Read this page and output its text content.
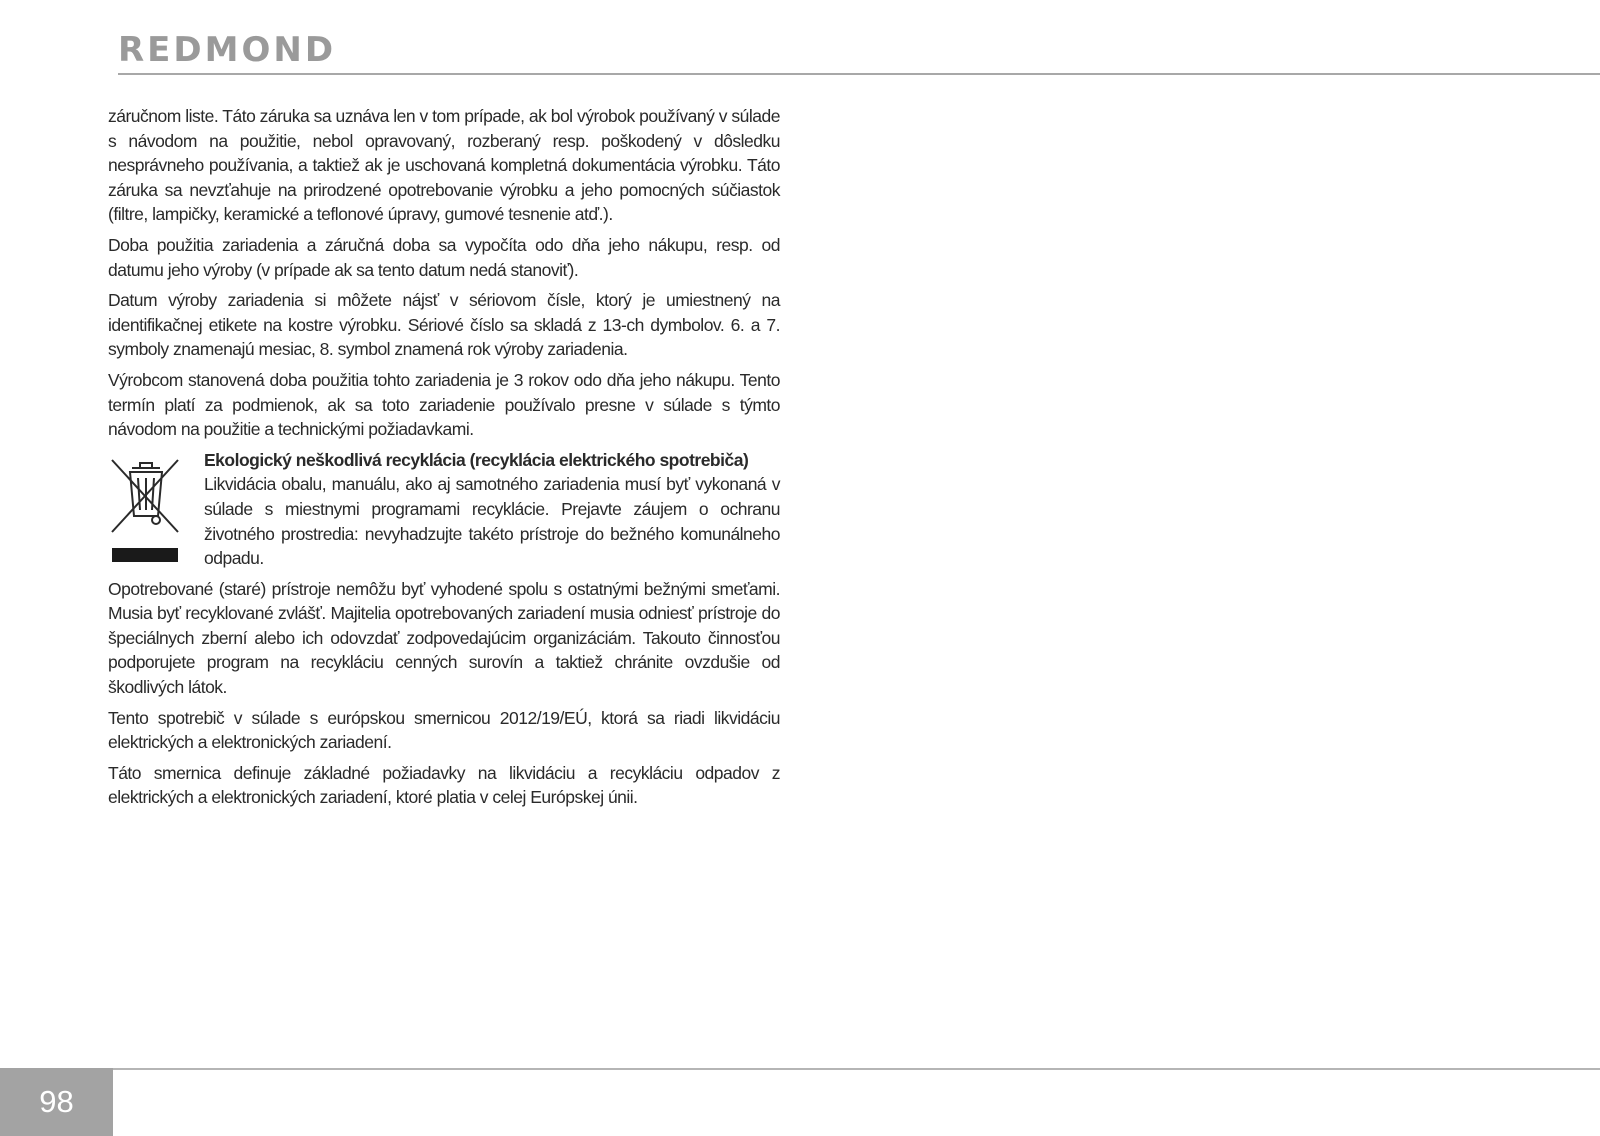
REDMOND

záručnom liste. Táto záruka sa uznáva len v tom prípade, ak bol výrobok používaný v súlade s návodom na použitie, nebol opravovaný, rozberaný resp. poškodený v dôsledku nesprávneho používania, a taktiež ak je uschovaná kompletná dokumentácia výrobku. Táto záruka sa nevzťahuje na prirodzené opotrebovanie výrobku a jeho pomocných súčiastok (filtre, lampičky, keramické a teflonové úpravy, gumové tesnenie atď.).

Doba použitia zariadenia a záručná doba sa vypočíta odo dňa jeho nákupu, resp. od datumu jeho výroby (v prípade ak sa tento datum nedá stanoviť).

Datum výroby zariadenia si môžete nájsť v sériovom čísle, ktorý je umiestnený na identifikačnej etikete na kostre výrobku. Sériové číslo sa skladá z 13-ch dymbolov. 6. a 7. symboly znamenajú mesiac, 8. symbol znamená rok výroby zariadenia.

Výrobcom stanovená doba použitia tohto zariadenia je 3 rokov odo dňa jeho nákupu. Tento termín platí za podmienok, ak sa toto zariadenie používalo presne v súlade s týmto návodom na použitie a technickými požiadavkami.

Ekologický neškodlivá recyklácia (recyklácia elektrického spotrebiča)
Likvidácia obalu, manuálu, ako aj samotného zariadenia musí byť vykonaná v súlade s miestnymi programami recyklácie. Prejavte záujem o ochranu životného prostredia: nevyhadzujte takéto prístroje do bežného komunálneho odpadu.

Opotrebované (staré) prístroje nemôžu byť vyhodené spolu s ostatnými bežnými smeťami. Musia byť recyklované zvlášť. Majitelia opotrebovaných zariadení musia odniesť prístroje do špeciálnych zberní alebo ich odovzdať zodpovedajúcim organizáciám. Takouto činnosťou podporujete program na recykláciu cenných surovín a taktiež chránite ovzdušie od škodlivých látok.

Tento spotrebič v súlade s európskou smernicou 2012/19/EÚ, ktorá sa riadi likvidáciu elektrických a elektronických zariadení.

Táto smernica definuje základné požiadavky na likvidáciu a recykláciu odpadov z elektrických a elektronických zariadení, ktoré platia v celej Európskej únii.

98
